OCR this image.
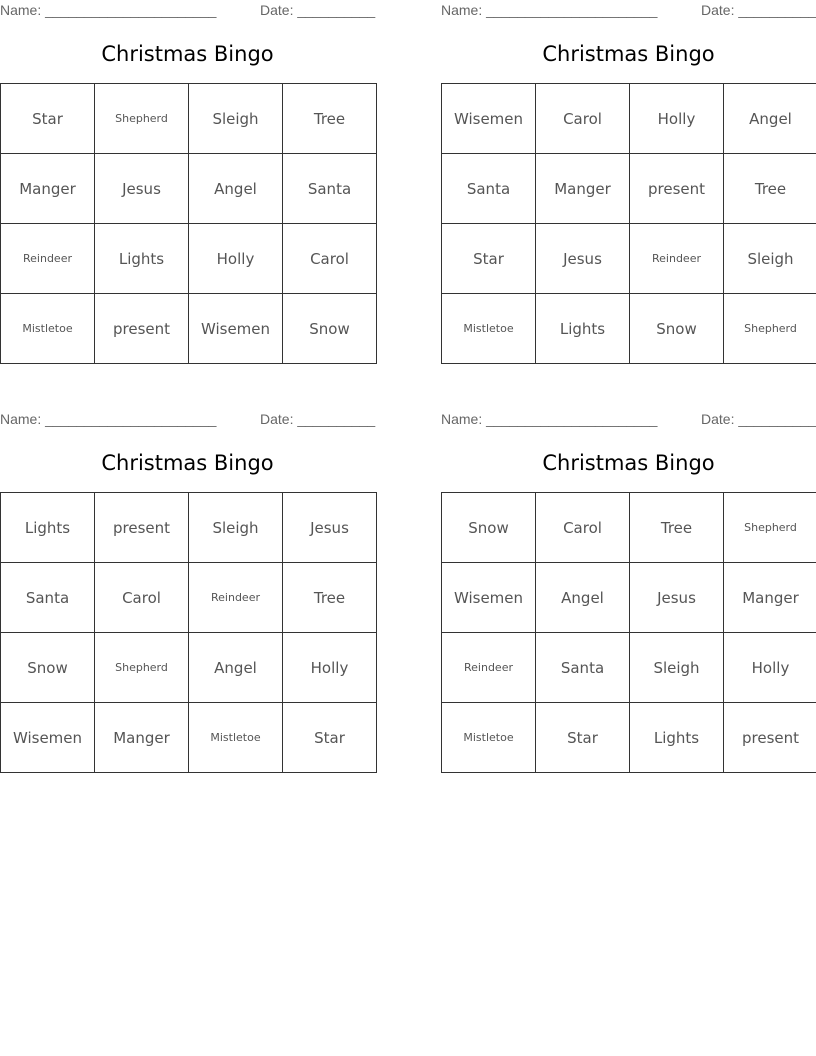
Name: ______________________	Date: __________
Christmas Bingo
Star	Shepherd	Sleigh	Tree
Manger	Jesus	Angel	Santa
Reindeer	Lights	Holly	Carol
Mistletoe	present	Wisemen	Snow
Name: ______________________	Date: __________
Christmas Bingo
Wisemen	Carol	Holly	Angel
Santa	Manger	present	Tree
Star	Jesus	Reindeer	Sleigh
Mistletoe	Lights	Snow	Shepherd
Name: ______________________	Date: __________
Christmas Bingo
Lights	present	Sleigh	Jesus
Santa	Carol	Reindeer	Tree
Snow	Shepherd	Angel	Holly
Wisemen	Manger	Mistletoe	Star
Name: ______________________	Date: __________
Christmas Bingo
Snow	Carol	Tree	Shepherd
Wisemen	Angel	Jesus	Manger
Reindeer	Santa	Sleigh	Holly
Mistletoe	Star	Lights	present
